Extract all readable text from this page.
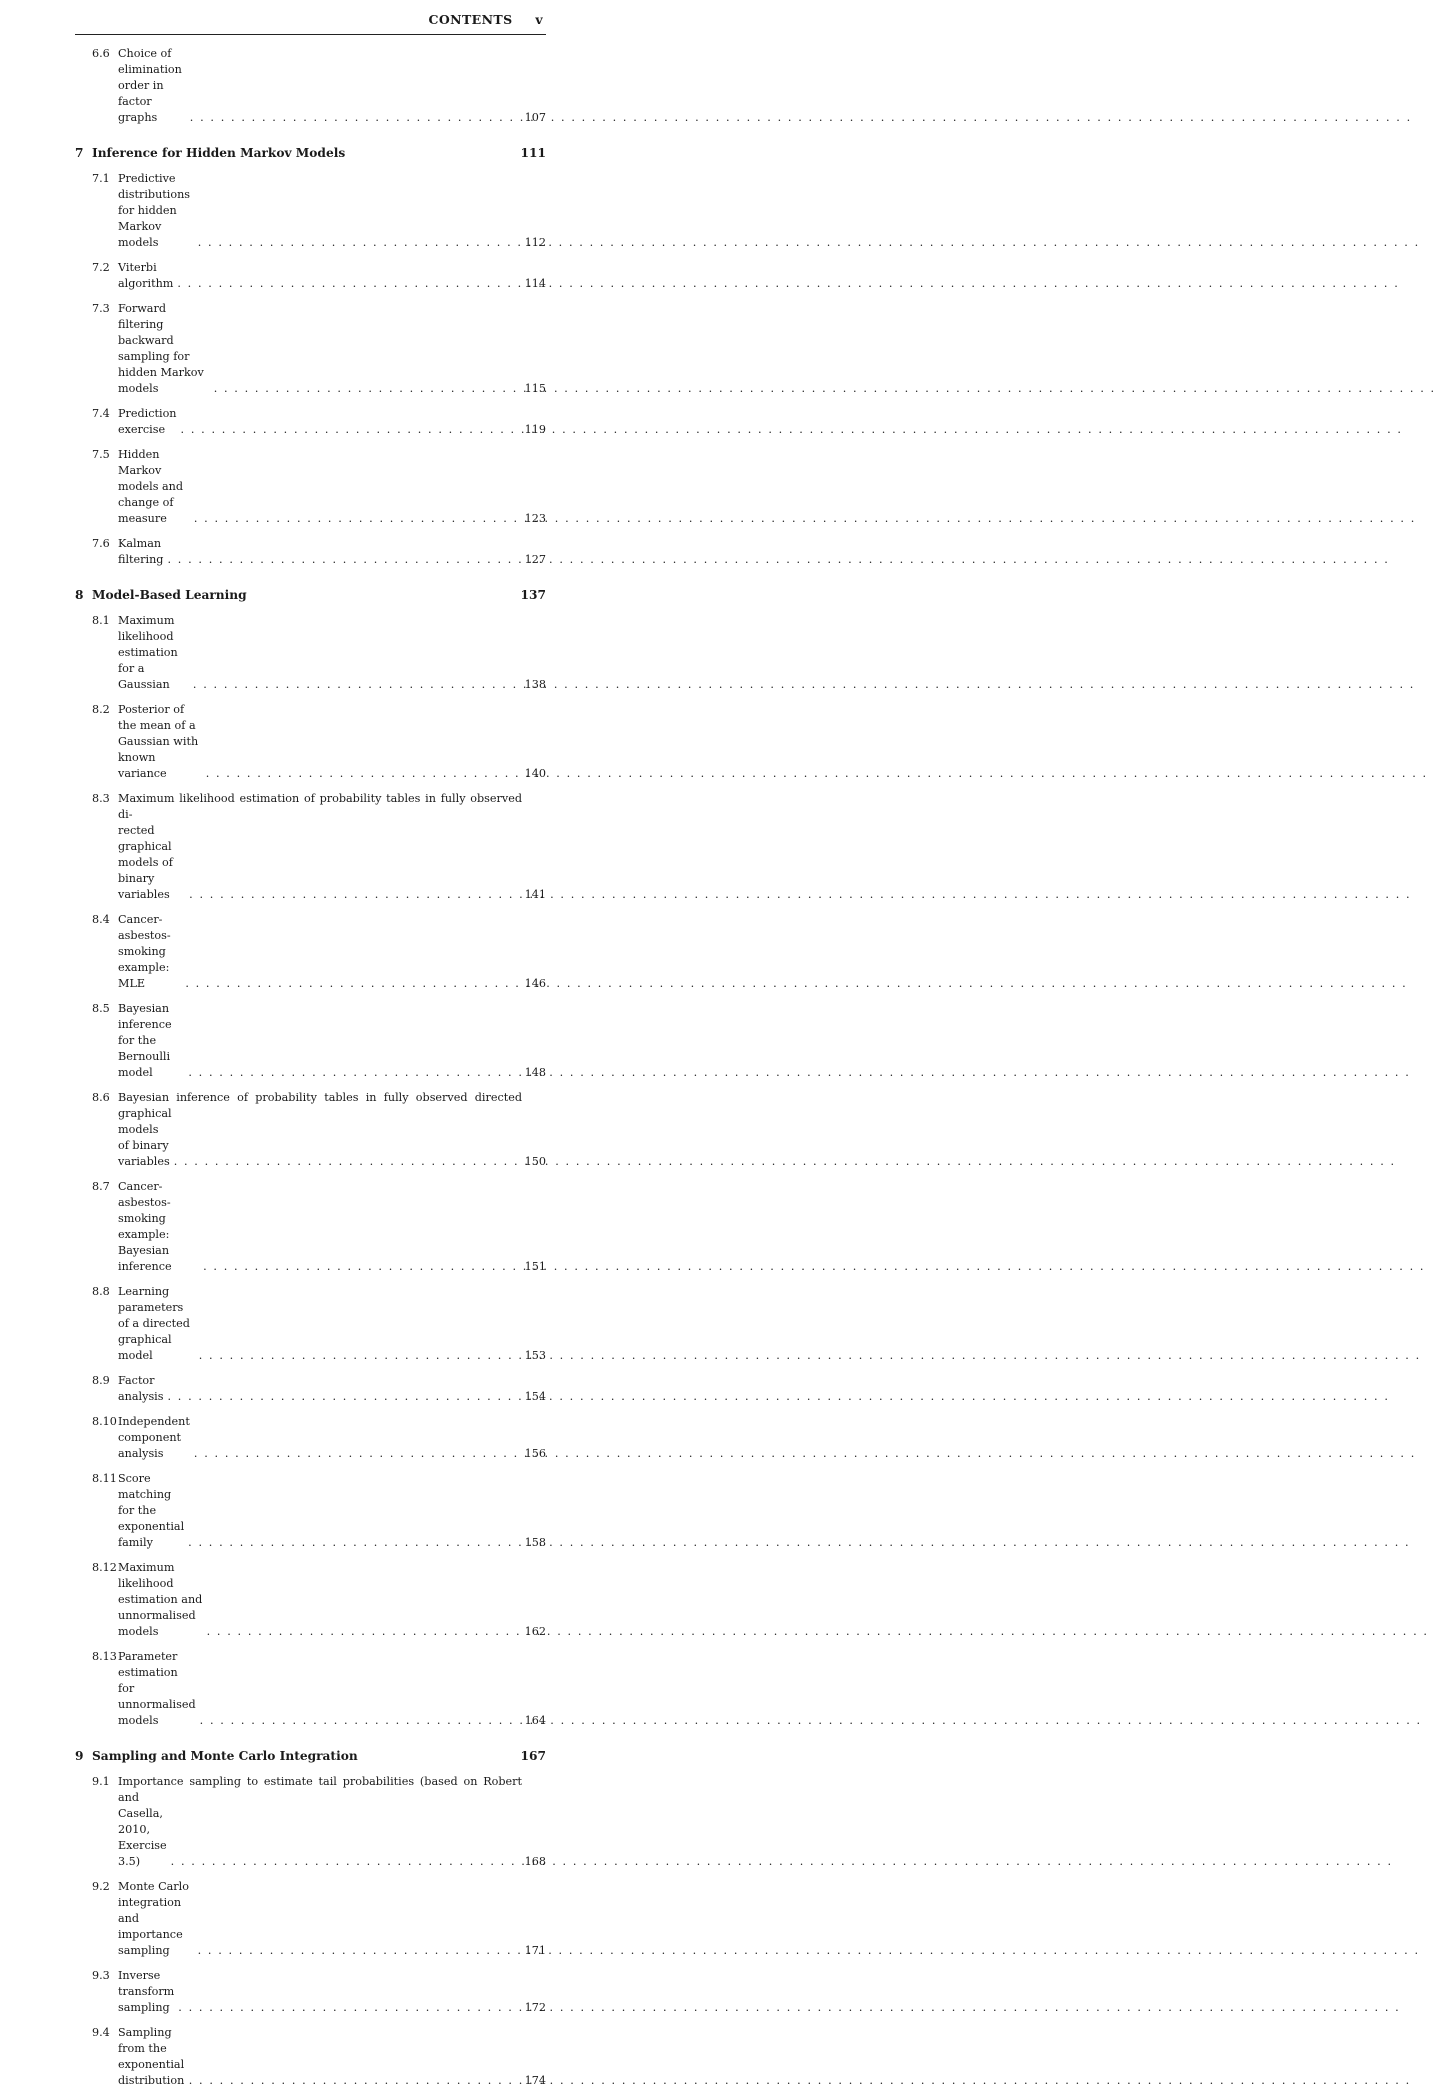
CONTENTS v
6.6 Choice of elimination order in factor graphs . . .	107
7 Inference for Hidden Markov Models	111
7.1 Predictive distributions for hidden Markov models . . .	112
7.2 Viterbi algorithm . . .	114
7.3 Forward filtering backward sampling for hidden Markov models . . .	115
7.4 Prediction exercise . . .	119
7.5 Hidden Markov models and change of measure . . .	123
7.6 Kalman filtering . . .	127
8 Model-Based Learning	137
8.1 Maximum likelihood estimation for a Gaussian . . .	138
8.2 Posterior of the mean of a Gaussian with known variance . . .	140
8.3 Maximum likelihood estimation of probability tables in fully observed di-
rected graphical models of binary variables . . .	141
8.4 Cancer-asbestos-smoking example: MLE . . .	146
8.5 Bayesian inference for the Bernoulli model . . .	148
8.6 Bayesian inference of probability tables in fully observed directed graphical
models of binary variables . . .	150
8.7 Cancer-asbestos-smoking example: Bayesian inference . . .	151
8.8 Learning parameters of a directed graphical model . . .	153
8.9 Factor analysis . . .	154
8.10 Independent component analysis . . .	156
8.11 Score matching for the exponential family . . .	158
8.12 Maximum likelihood estimation and unnormalised models . . .	162
8.13 Parameter estimation for unnormalised models . . .	164
9 Sampling and Monte Carlo Integration	167
9.1 Importance sampling to estimate tail probabilities (based on Robert and
Casella, 2010, Exercise 3.5) . . .	168
9.2 Monte Carlo integration and importance sampling . . .	171
9.3 Inverse transform sampling . . .	172
9.4 Sampling from the exponential distribution . . .	174
